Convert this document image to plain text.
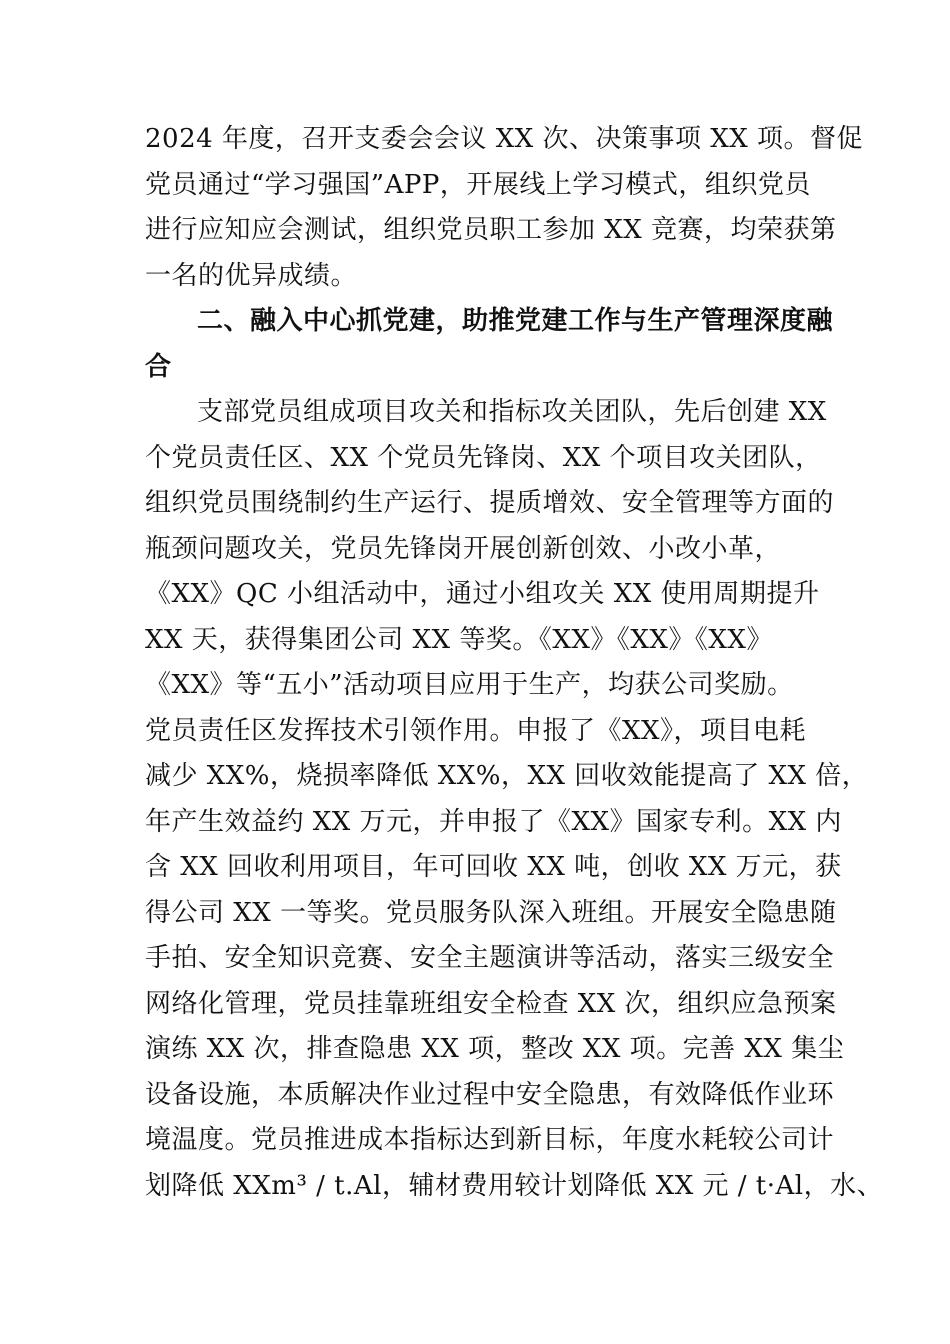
2024 年度，召开支委会会议 XX 次、决策事项 XX 项。督促
党员通过“学习强国”APP，开展线上学习模式，组织党员
进行应知应会测试，组织党员职工参加 XX 竞赛，均荣获第
一名的优异成绩。
二、融入中心抓党建，助推党建工作与生产管理深度融
合
支部党员组成项目攻关和指标攻关团队，先后创建 XX
个党员责任区、XX 个党员先锋岗、XX 个项目攻关团队，
组织党员围绕制约生产运行、提质增效、安全管理等方面的
瓶颈问题攻关，党员先锋岗开展创新创效、小改小革，
《XX》QC 小组活动中，通过小组攻关 XX 使用周期提升
XX 天，获得集团公司 XX 等奖。《XX》《XX》《XX》
《XX》等“五小”活动项目应用于生产，均获公司奖励。
党员责任区发挥技术引领作用。申报了《XX》，项目电耗
减少 XX%，烧损率降低 XX%，XX 回收效能提高了 XX 倍，
年产生效益约 XX 万元，并申报了《XX》国家专利。XX 内
含 XX 回收利用项目，年可回收 XX 吨，创收 XX 万元，获
得公司 XX 一等奖。党员服务队深入班组。开展安全隐患随
手拍、安全知识竞赛、安全主题演讲等活动，落实三级安全
网络化管理，党员挂靠班组安全检查 XX 次，组织应急预案
演练 XX 次，排查隐患 XX 项，整改 XX 项。完善 XX 集尘
设备设施，本质解决作业过程中安全隐患，有效降低作业环
境温度。党员推进成本指标达到新目标，年度水耗较公司计
划降低 XXm³ / t.Al，辅材费用较计划降低 XX 元 / t·Al，水、
